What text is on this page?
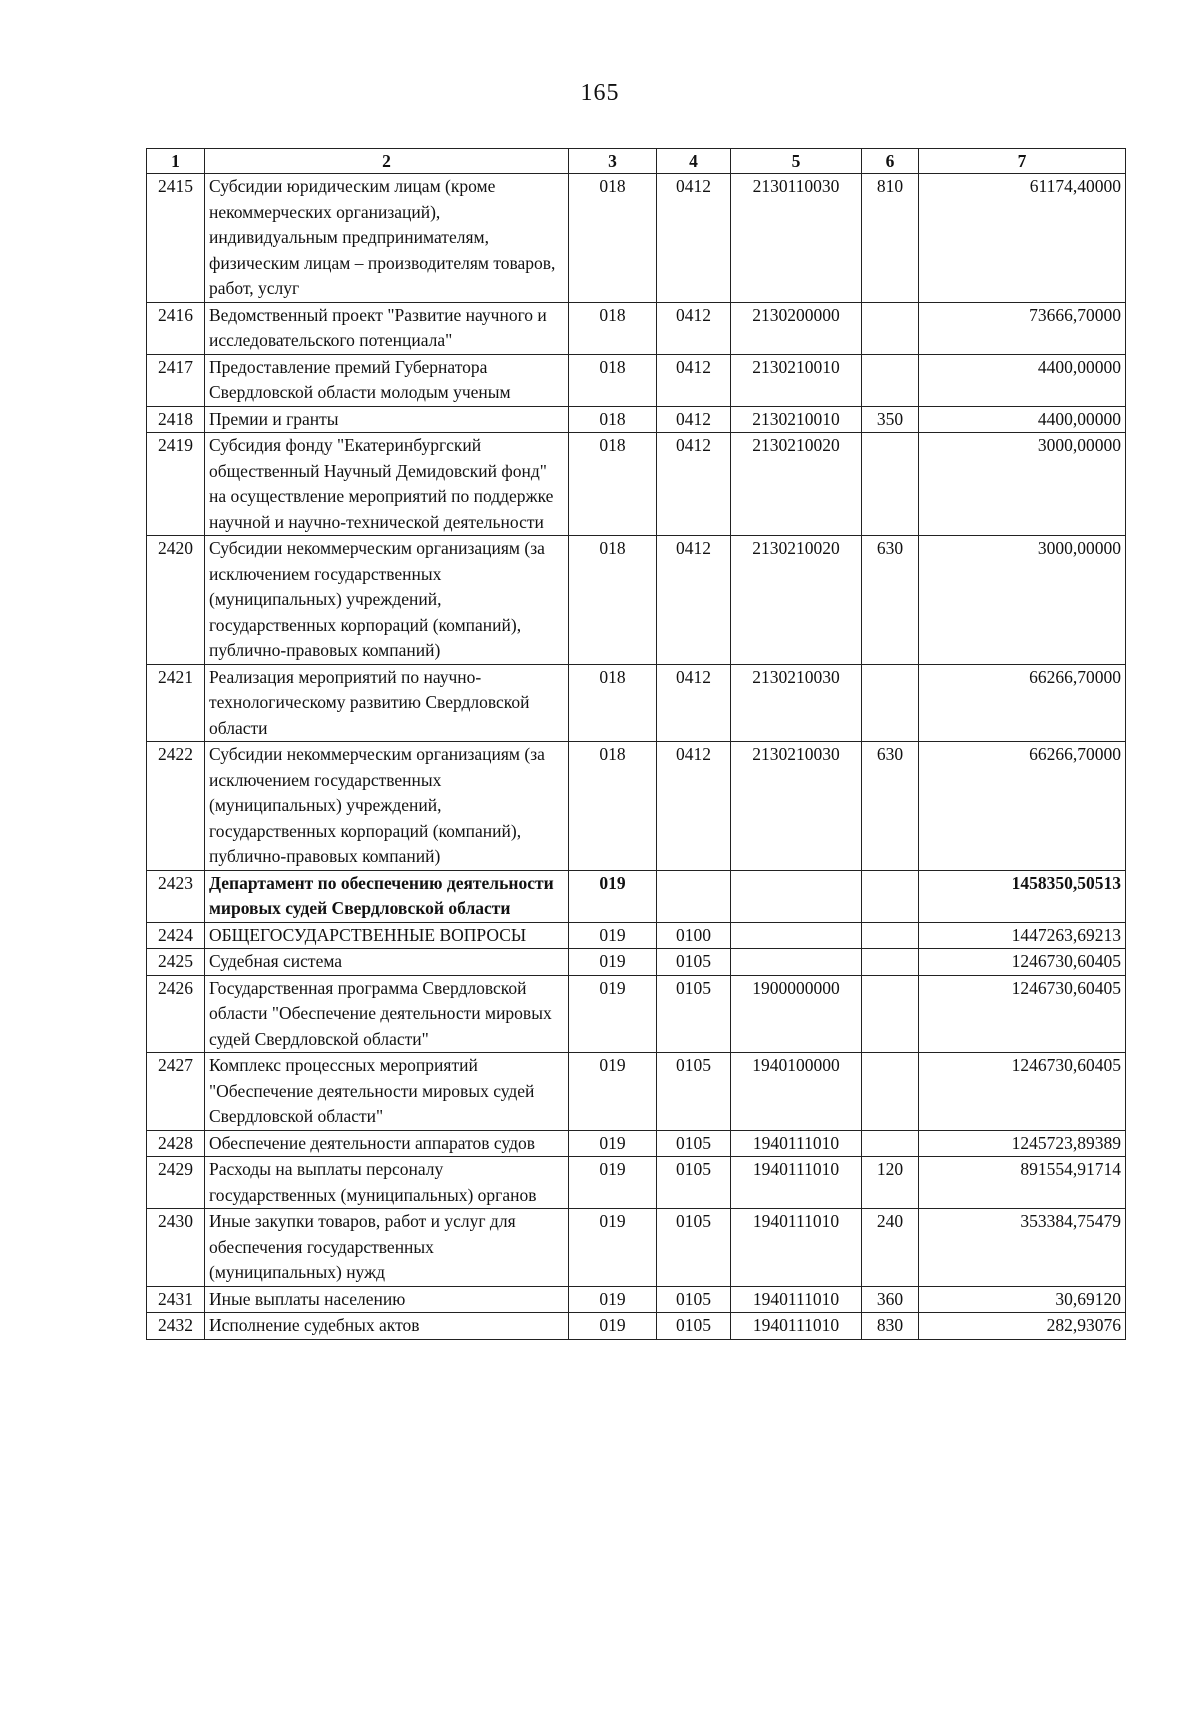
165
1	2	3	4	5	6	7
2415	Субсидии юридическим лицам (кроме некоммерческих организаций), индивидуальным предпринимателям, физическим лицам – производителям товаров, работ, услуг	018	0412	2130110030	810	61174,40000
2416	Ведомственный проект "Развитие научного и исследовательского потенциала"	018	0412	2130200000		73666,70000
2417	Предоставление премий Губернатора Свердловской области молодым ученым	018	0412	2130210010		4400,00000
2418	Премии и гранты	018	0412	2130210010	350	4400,00000
2419	Субсидия фонду "Екатеринбургский общественный Научный Демидовский фонд" на осуществление мероприятий по поддержке научной и научно-технической деятельности	018	0412	2130210020		3000,00000
2420	Субсидии некоммерческим организациям (за исключением государственных (муниципальных) учреждений, государственных корпораций (компаний), публично-правовых компаний)	018	0412	2130210020	630	3000,00000
2421	Реализация мероприятий по научно-технологическому развитию Свердловской области	018	0412	2130210030		66266,70000
2422	Субсидии некоммерческим организациям (за исключением государственных (муниципальных) учреждений, государственных корпораций (компаний), публично-правовых компаний)	018	0412	2130210030	630	66266,70000
2423	Департамент по обеспечению деятельности мировых судей Свердловской области	019				1458350,50513
2424	ОБЩЕГОСУДАРСТВЕННЫЕ ВОПРОСЫ	019	0100			1447263,69213
2425	Судебная система	019	0105			1246730,60405
2426	Государственная программа Свердловской области "Обеспечение деятельности мировых судей Свердловской области"	019	0105	1900000000		1246730,60405
2427	Комплекс процессных мероприятий "Обеспечение деятельности мировых судей Свердловской области"	019	0105	1940100000		1246730,60405
2428	Обеспечение деятельности аппаратов судов	019	0105	1940111010		1245723,89389
2429	Расходы на выплаты персоналу государственных (муниципальных) органов	019	0105	1940111010	120	891554,91714
2430	Иные закупки товаров, работ и услуг для обеспечения государственных (муниципальных) нужд	019	0105	1940111010	240	353384,75479
2431	Иные выплаты населению	019	0105	1940111010	360	30,69120
2432	Исполнение судебных актов	019	0105	1940111010	830	282,93076
